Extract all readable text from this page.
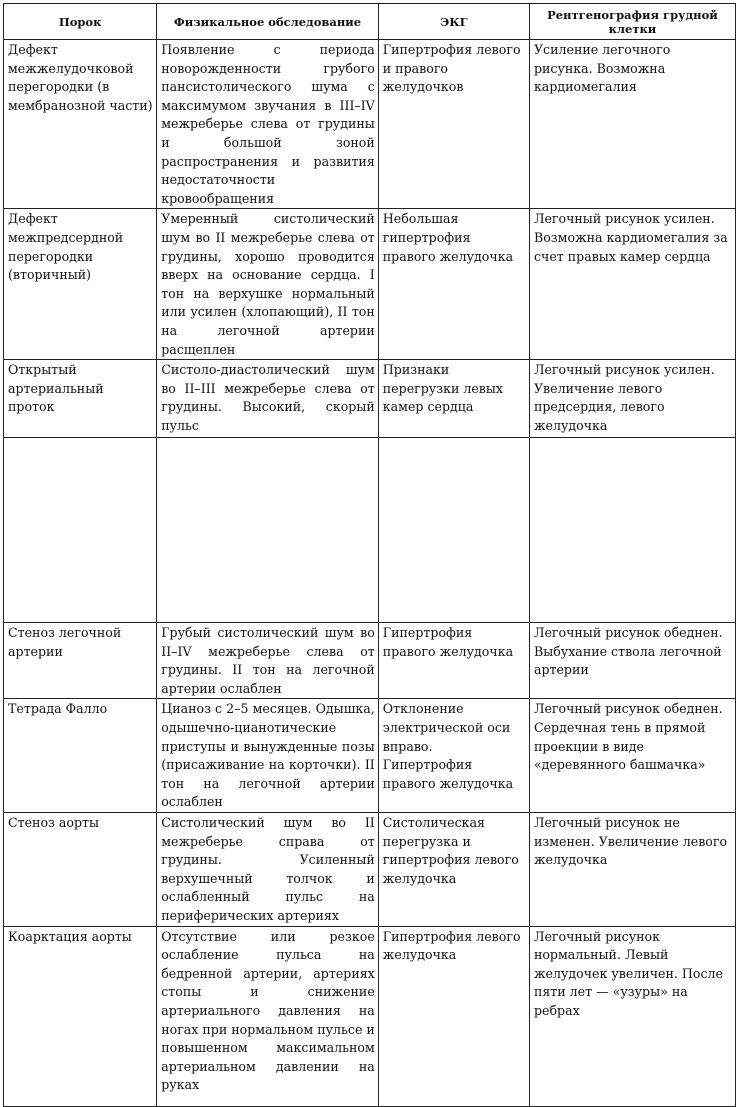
Порок	Физикальное обследование	ЭКГ	Рентгенография грудной клетки
Дефект межжелудочковой перегородки (в мембранозной части)	Появление с периода новорожденности грубого пансистолического шума с максимумом звучания в III–IV межреберье слева от грудины и большой зоной распространения и развития недостаточности кровообращения	Гипертрофия левого и правого желудочков	Усиление легочного рисунка. Возможна кардиомегалия
Дефект межпредсердной перегородки (вторичный)	Умеренный систолический шум во II межреберье слева от грудины, хорошо проводится вверх на основание сердца. I тон на верхушке нормальный или усилен (хлопающий), II тон на легочной артерии расщеплен	Небольшая гипертрофия правого желудочка	Легочный рисунок усилен. Возможна кардиомегалия за счет правых камер сердца
Открытый артериальный проток	Систоло-диастолический шум во II–III межреберье слева от грудины. Высокий, скорый пульс	Признаки перегрузки левых камер сердца	Легочный рисунок усилен. Увеличение левого предсердия, левого желудочка

Стеноз легочной артерии	Грубый систолический шум во II–IV межреберье слева от грудины. II тон на легочной артерии ослаблен	Гипертрофия правого желудочка	Легочный рисунок обеднен. Выбухание ствола легочной артерии
Тетрада Фалло	Цианоз с 2–5 месяцев. Одышка, одышечно-цианотические приступы и вынужденные позы (присаживание на корточки). II тон на легочной артерии ослаблен	Отклонение электрической оси вправо. Гипертрофия правого желудочка	Легочный рисунок обеднен. Сердечная тень в прямой проекции в виде «деревянного башмачка»
Стеноз аорты	Систолический шум во II межреберье справа от грудины. Усиленный верхушечный толчок и ослабленный пульс на периферических артериях	Систолическая перегрузка и гипертрофия левого желудочка	Легочный рисунок не изменен. Увеличение левого желудочка
Коарктация аорты	Отсутствие или резкое ослабление пульса на бедренной артерии, артериях стопы и снижение артериального давления на ногах при нормальном пульсе и повышенном максимальном артериальном давлении на руках	Гипертрофия левого желудочка	Легочный рисунок нормальный. Левый желудочек увеличен. После пяти лет — «узуры» на ребрах
